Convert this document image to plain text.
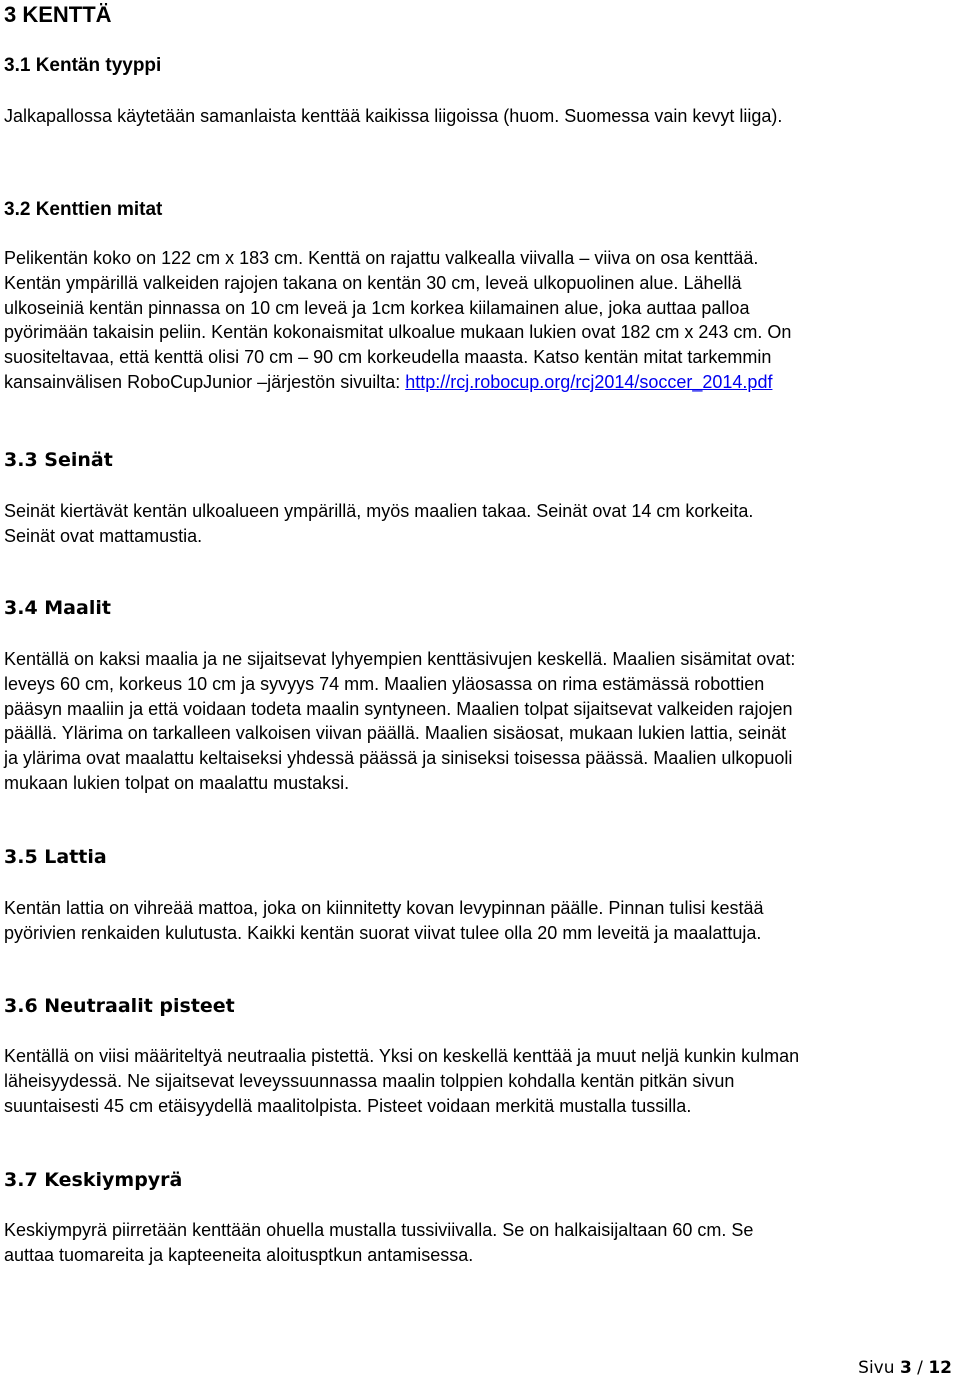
3 KENTTÄ
3.1 Kentän tyyppi
Jalkapallossa käytetään samanlaista kenttää kaikissa liigoissa (huom. Suomessa vain kevyt liiga).
3.2 Kenttien mitat
Pelikentän koko on 122 cm x 183 cm. Kenttä on rajattu valkealla viivalla – viiva on osa kenttää.
Kentän ympärillä valkeiden rajojen takana on kentän 30 cm, leveä ulkopuolinen alue. Lähellä
ulkoseiniä kentän pinnassa on 10 cm leveä ja 1cm korkea kiilamainen alue, joka auttaa palloa
pyörimään takaisin peliin. Kentän kokonaismitat ulkoalue mukaan lukien ovat 182 cm x 243 cm. On
suositeltavaa, että kenttä olisi 70 cm – 90 cm korkeudella maasta. Katso kentän mitat tarkemmin
kansainvälisen RoboCupJunior –järjestön sivuilta: http://rcj.robocup.org/rcj2014/soccer_2014.pdf
3.3 Seinät
Seinät kiertävät kentän ulkoalueen ympärillä, myös maalien takaa. Seinät ovat 14 cm korkeita.
Seinät ovat mattamustia.
3.4 Maalit
Kentällä on kaksi maalia ja ne sijaitsevat lyhyempien kenttäsivujen keskellä. Maalien sisämitat ovat:
leveys 60 cm, korkeus 10 cm ja syvyys 74 mm. Maalien yläosassa on rima estämässä robottien
pääsyn maaliin ja että voidaan todeta maalin syntyneen. Maalien tolpat sijaitsevat valkeiden rajojen
päällä. Ylärima on tarkalleen valkoisen viivan päällä. Maalien sisäosat, mukaan lukien lattia, seinät
ja ylärima ovat maalattu keltaiseksi yhdessä päässä ja siniseksi toisessa päässä. Maalien ulkopuoli
mukaan lukien tolpat on maalattu mustaksi.
3.5 Lattia
Kentän lattia on vihreää mattoa, joka on kiinnitetty kovan levypinnan päälle. Pinnan tulisi kestää
pyörivien renkaiden kulutusta. Kaikki kentän suorat viivat tulee olla 20 mm leveitä ja maalattuja.
3.6 Neutraalit pisteet
Kentällä on viisi määriteltyä neutraalia pistettä. Yksi on keskellä kenttää ja muut neljä kunkin kulman
läheisyydessä. Ne sijaitsevat leveyssuunnassa maalin tolppien kohdalla kentän pitkän sivun
suuntaisesti 45 cm etäisyydellä maalitolpista. Pisteet voidaan merkitä mustalla tussilla.
3.7 Keskiympyrä
Keskiympyrä piirretään kenttään ohuella mustalla tussiviivalla. Se on halkaisijaltaan 60 cm. Se
auttaa tuomareita ja kapteeneita aloitusptkun antamisessa.
Sivu 3 / 12
